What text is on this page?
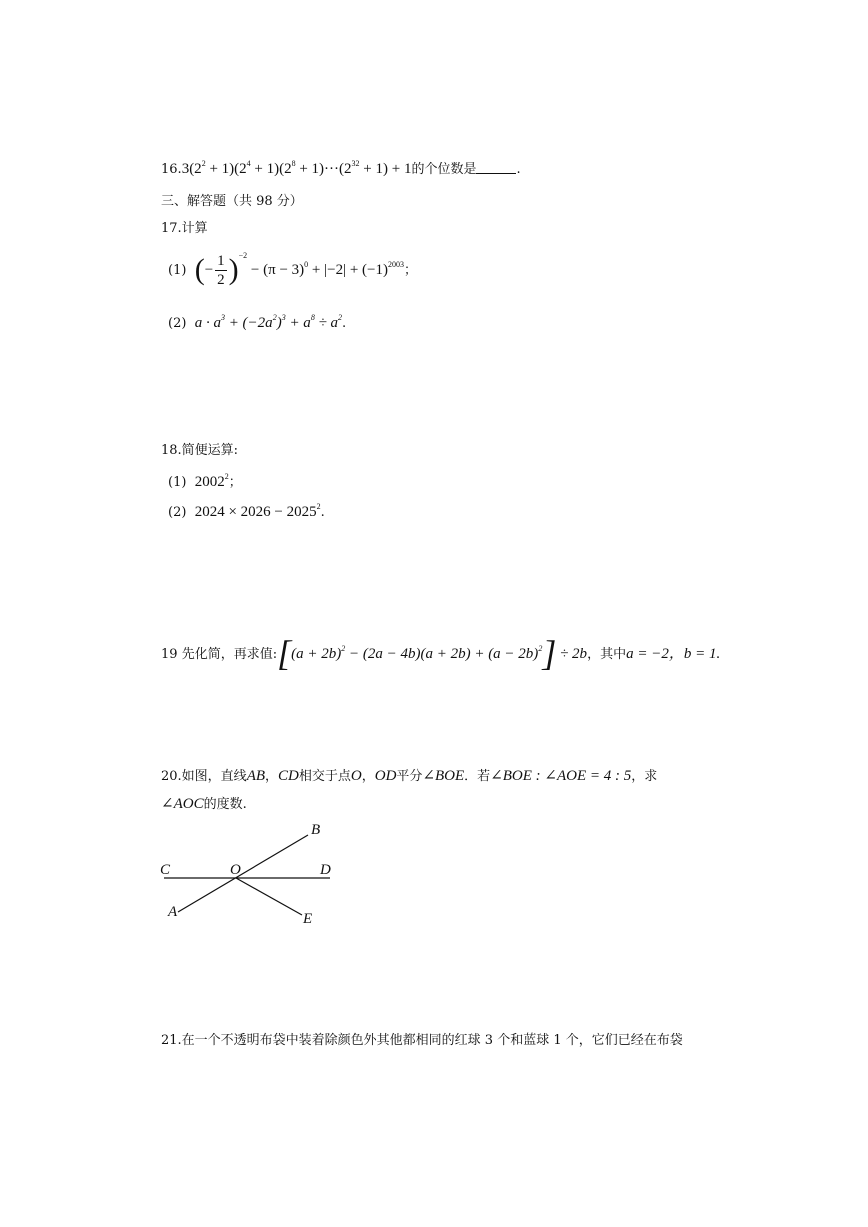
$16.3(2^2 + 1)(2^4 + 1)(2^8 + 1)\cdot\cdot\cdot(2^{32} + 1) + 1$的个位数是	.
三、解答题（共 98 分）
17.计算
(1) (− $\frac{1}{2} )^{-2} - (\pi - 3)^0 + |-2| + (-1)^{2003}$；
(2) $a \cdot a^3 + (-2a^2)^3 + a^8 \div a^2$.
18.简便运算:
(1) 2002$^2$；
(2) $2024 \times 2026 - 2025^2$.
19 先化简，再求值:[(a + $2b)^2 - (2a - 4b)(a + 2b) + (a - 2b)^2] \div 2b$，其中a = −2，b = 1.
20.如图，直线AB，CD相交于点O，OD平分∠BOE．若∠BOE : ∠AOE = 4 : 5，求
∠AOC的度数.
B
C	O	D
A	E
21.在一个不透明布袋中装着除颜色外其他都相同的红球 3 个和蓝球 1 个，它们已经在布袋
